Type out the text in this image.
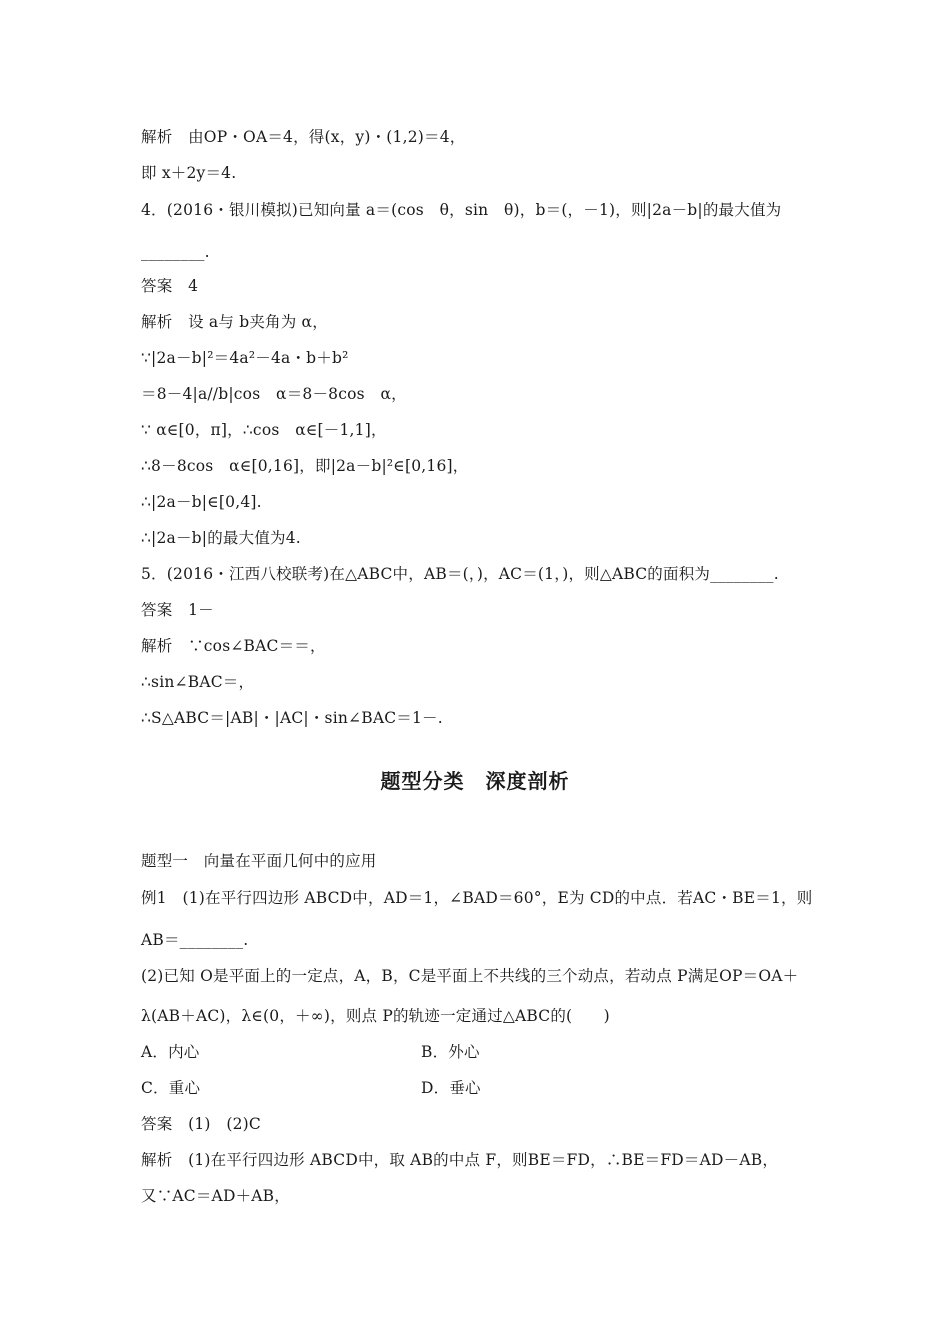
解析　由OP・OA＝4，得(x，y)・(1,2)＝4，
即 x＋2y＝4.
4．(2016・银川模拟)已知向量 a＝(cos　θ，sin　θ)，b＝(，－1)，则|2a－b|的最大值为
________.
答案　4
解析　设 a与 b夹角为 α，
∵|2a－b|²＝4a²－4a・b＋b²
＝8－4|a//b|cos　α＝8－8cos　α，
∵ α∈[0，π]，∴cos　α∈[－1,1]，
∴8－8cos　α∈[0,16]，即|2a－b|²∈[0,16]，
∴|2a－b|∈[0,4].
∴|2a－b|的最大值为4.
5．(2016・江西八校联考)在△ABC中，AB＝(，)，AC＝(1，)，则△ABC的面积为________.
答案　1－
解析　∵cos∠BAC＝＝，
∴sin∠BAC＝，
∴S△ABC＝|AB|・|AC|・sin∠BAC＝1－.
题型分类　深度剖析
题型一　向量在平面几何中的应用
例1　(1)在平行四边形 ABCD中，AD＝1，∠BAD＝60°，E为 CD的中点．若AC・BE＝1，则
AB＝________.
(2)已知 O是平面上的一定点，A，B，C是平面上不共线的三个动点，若动点 P满足OP＝OA＋
λ(AB＋AC)，λ∈(0，＋∞)，则点 P的轨迹一定通过△ABC的(　　)
A．内心	B．外心
C．重心	D．垂心
答案　(1)　(2)C
解析　(1)在平行四边形 ABCD中，取 AB的中点 F，则BE＝FD，∴BE＝FD＝AD－AB，
又∵AC＝AD＋AB，
